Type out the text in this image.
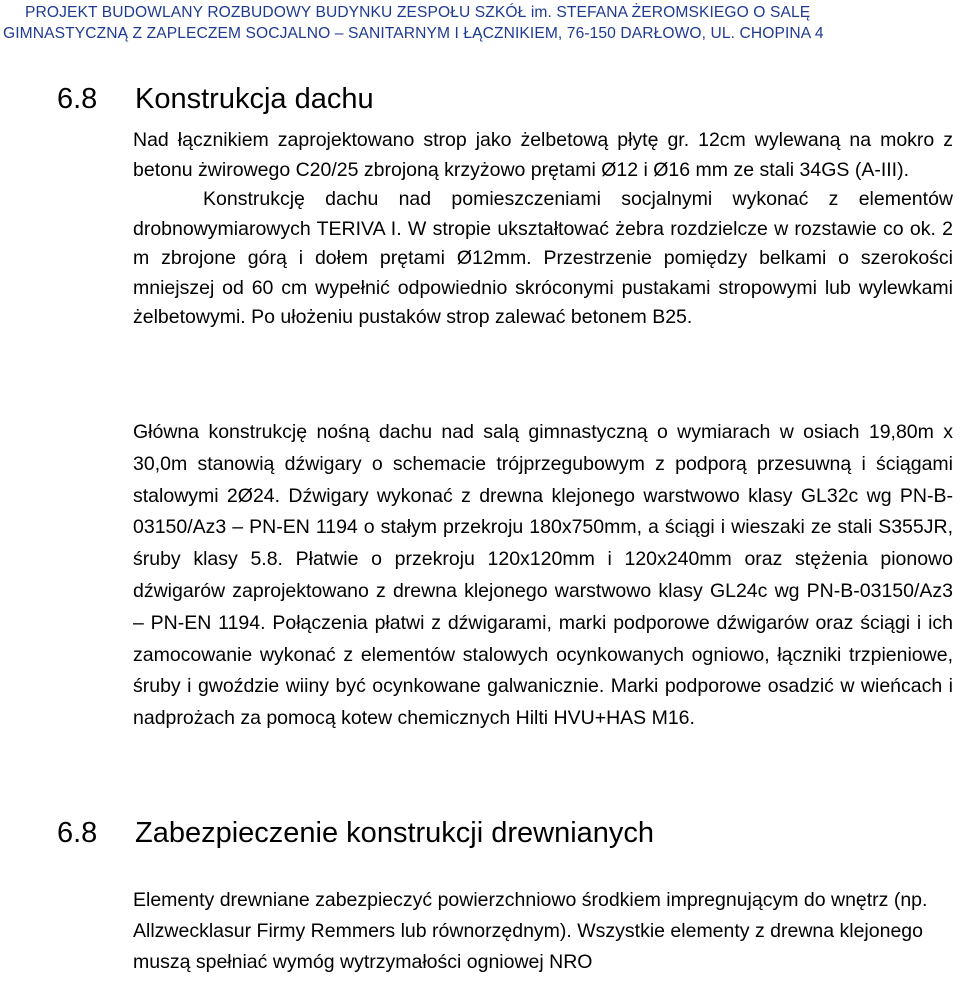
PROJEKT BUDOWLANY ROZBUDOWY BUDYNKU ZESPOŁU SZKÓŁ im. STEFANA ŻEROMSKIEGO O SALĘ
GIMNASTYCZNĄ Z ZAPLECZEM SOCJALNO – SANITARNYM I ŁĄCZNIKIEM, 76-150 DARŁOWO, UL. CHOPINA 4
6.8 Konstrukcja dachu

Nad łącznikiem zaprojektowano strop jako żelbetową płytę gr. 12cm wylewaną na mokro z betonu żwirowego C20/25 zbrojoną krzyżowo prętami Ø12 i Ø16 mm ze stali 34GS (A-III).

Konstrukcję dachu nad pomieszczeniami socjalnymi wykonać z elementów drobnowymiarowych TERIVA I. W stropie ukształtować żebra rozdzielcze w rozstawie co ok. 2 m zbrojone górą i dołem prętami Ø12mm. Przestrzenie pomiędzy belkami o szerokości mniejszej od 60 cm wypełnić odpowiednio skróconymi pustakami stropowymi lub wylewkami żelbetowymi. Po ułożeniu pustaków strop zalewać betonem B25.

Główna konstrukcję nośną dachu nad salą gimnastyczną o wymiarach w osiach 19,80m x 30,0m stanowią dźwigary o schemacie trójprzegubowym z podporą przesuwną i ściągami stalowymi 2Ø24. Dźwigary wykonać z drewna klejonego warstwowo klasy GL32c wg PN-B-03150/Az3 – PN-EN 1194 o stałym przekroju 180x750mm, a ściągi i wieszaki ze stali S355JR, śruby klasy 5.8. Płatwie o przekroju 120x120mm i 120x240mm oraz stężenia pionowo dźwigarów zaprojektowano z drewna klejonego warstwowo klasy GL24c wg PN-B-03150/Az3 – PN-EN 1194. Połączenia płatwi z dźwigarami, marki podporowe dźwigarów oraz ściągi i ich zamocowanie wykonać z elementów stalowych ocynkowanych ogniowo, łączniki trzpieniowe, śruby i gwoździe wiiny być ocynkowane galwanicznie. Marki podporowe osadzić w wieńcach i nadprożach za pomocą kotew chemicznych Hilti HVU+HAS M16.

6.8 Zabezpieczenie konstrukcji drewnianych

Elementy drewniane zabezpieczyć powierzchniowo środkiem impregnującym do wnętrz (np. Allzwecklasur Firmy Remmers lub równorzędnym). Wszystkie elementy z drewna klejonego muszą spełniać wymóg wytrzymałości ogniowej NRO
